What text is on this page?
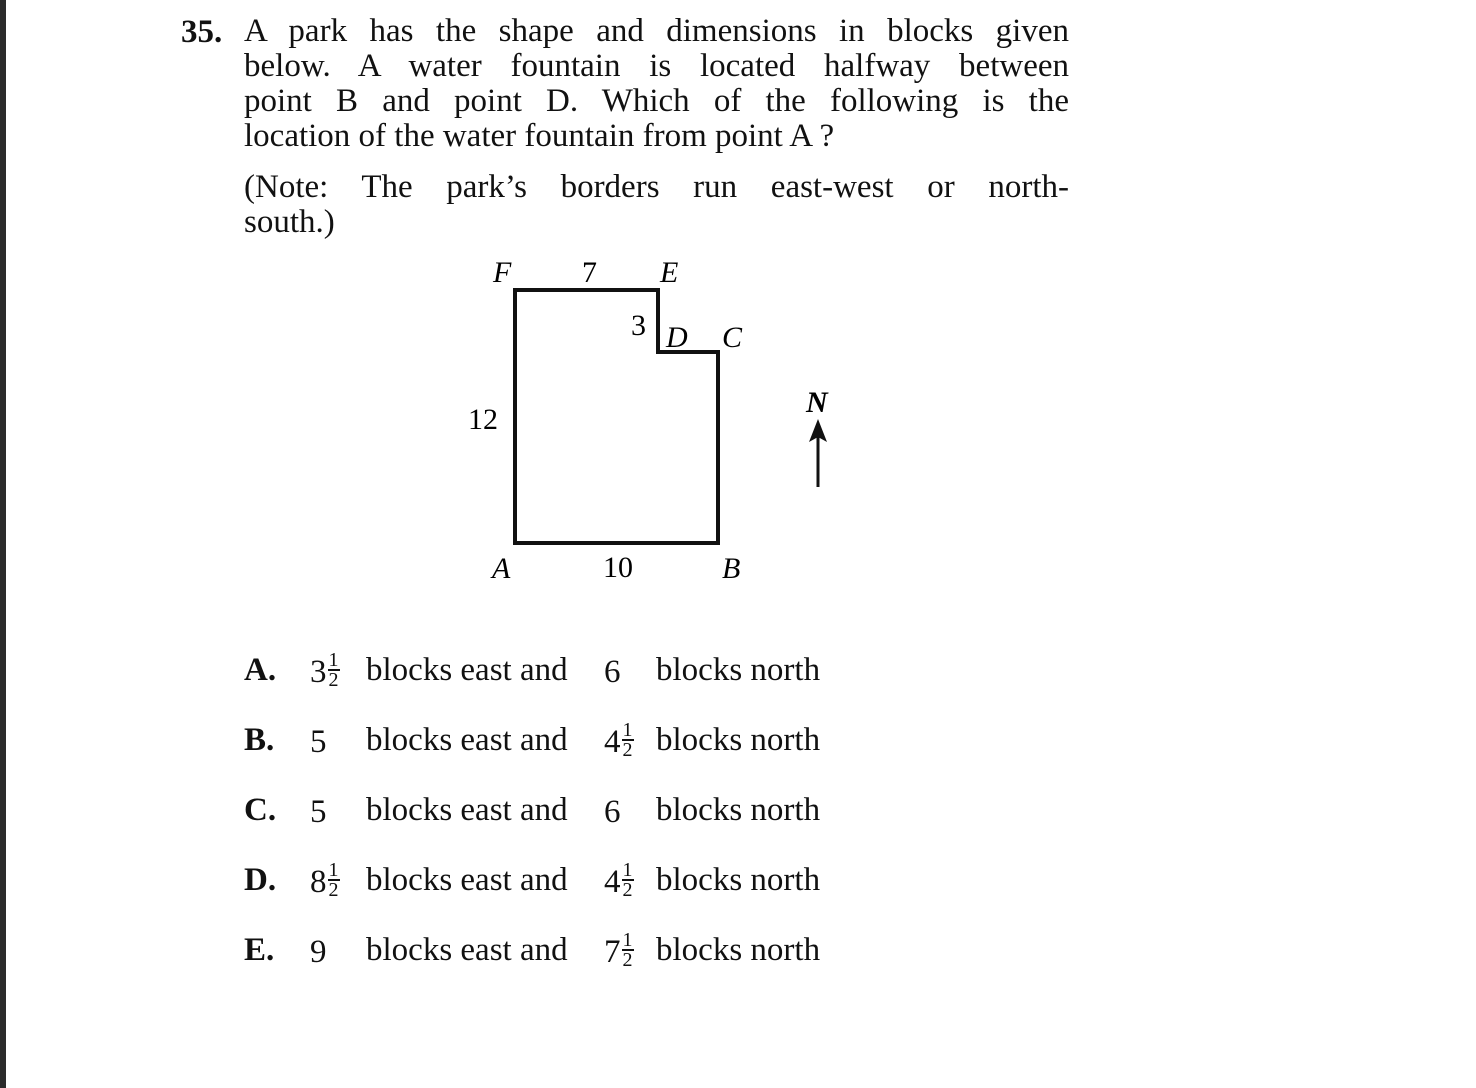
35. A park has the shape and dimensions in blocks given
below. A water fountain is located halfway between
point B and point D. Which of the following is the
location of the water fountain from point A ?
(Note: The park’s borders run east-west or north-
south.)
F	E
D C
A	B
7
3
12
10
N
A. $3 \frac{1}{2}$ blocks east and 6 blocks north
B. 5 blocks east and $4 \frac{1}{2}$ blocks north
C. 5 blocks east and 6 blocks north
D. $8 \frac{1}{2}$ blocks east and $4 \frac{1}{2}$ blocks north
E. 9 blocks east and $7 \frac{1}{2}$ blocks north
